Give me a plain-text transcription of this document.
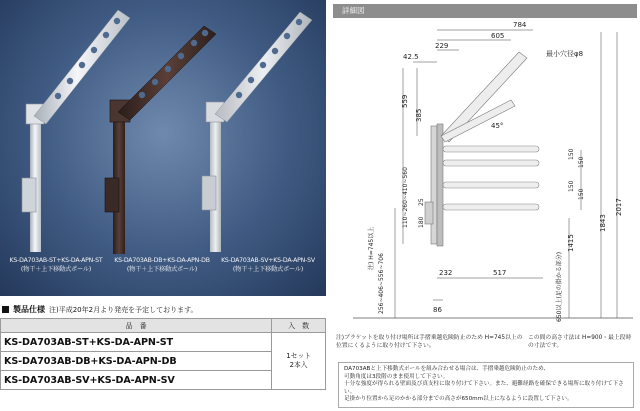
KS-DA703AB-ST+KS-DA-APN-ST
(物干＋上下移動式ポール)
KS-DA703AB-DB+KS-DA-APN-DB
(物干＋上下移動式ポール)
KS-DA703AB-SV+KS-DA-APN-SV
(物干＋上下移動式ポール)
製品仕様 注)平成20年2月より発売を予定しております。
品　番	入　数
KS-DA703AB-ST+KS-DA-APN-ST	1セット
2本入

KS-DA703AB-DB+KS-DA-APN-DB	
KS-DA703AB-SV+KS-DA-APN-SV	
詳細図
784
605
229
42.5	最小穴径φ8
559
385
45°
150
150
150
150
1843
2017
1415
110~260~410~560 180
25
232	517
86
256~406~556~706
注) H=745以上
650以上(足の掛かる部分)
注)ブラケットを取り付け場所は手摺乗越危険防止のため H=745以上の位置にくるように取り付けて下さい。
この間の高さ寸法は H=900・最上段時の寸法です。
DA703ABと上下移動式ポールを組み合わせる場合は、手摺乗越危険防止のため、
可動角度は3段階のまま使用して下さい。
十分な強度が得られる壁面及び真支柱に取り付けて下さい。また、避難経路を確保できる場所に取り付けて下さい。
足掛かり位置から足のかかる部分までの高さが650mm以上になるように設置して下さい。
